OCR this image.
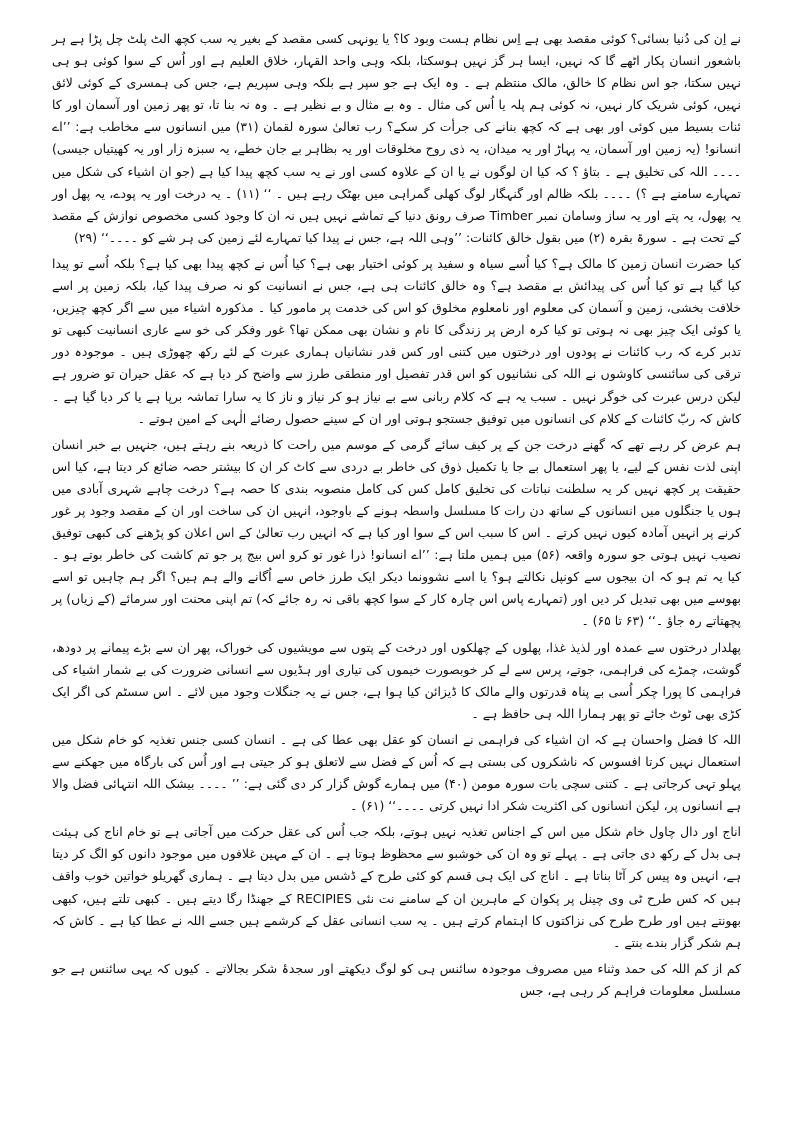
نے اِن کی دُنیا بسائی؟ کوئی مقصد بھی ہے اِس نظام ہست وبود کا؟ یا یونہی کسی مقصد کے بغیر یہ سب کچھ الٹ پلٹ چل پڑا ہے ہر باشعور انسان پکار اٹھے گا کہ نہیں، ایسا ہر گز نہیں ہوسکتا، بلکہ وہی واحد القہار، خلاق العلیم ہے اور اُس کے سوا کوئی ہو ہی نہیں سکتا، جو اس نظام کا خالق، مالک منتظم ہے ۔ وہ ایک ہے جو سپر ہے بلکہ وہی سپریم ہے، جس کی ہمسری کے کوئی لائق نہیں، کوئی شریک کار نہیں، نہ کوئی ہم پلہ یا اُس کی مثال ۔ وہ بے مثال و بے نظیر ہے ۔ وہ نہ بنا تا، تو پھر زمین اور آسمان اور کا ئنات بسیط میں کوئی اور بھی ہے کہ کچھ بنانے کی جرأت کر سکے؟ رب تعالیٰ سورہ لقمان (۳۱) میں انسانوں سے مخاطب ہے: ’’اے انسانو! (یہ زمین اور آسمان، یہ پہاڑ اور یہ میدان، یہ ذی روح مخلوقات اور یہ بظاہر بے جان خطے، یہ سبزہ زار اور یہ کھیتیاں جیسی) ۔۔۔۔ اللہ کی تخلیق ہے ۔ بتاؤ ؟ کہ کیا ان لوگوں نے یا ان کے علاوہ کسی اور نے یہ سب کچھ پیدا کیا ہے (جو ان اشیاء کی شکل میں تمہارے سامنے ہے ؟) ۔۔۔۔ بلکہ ظالم اور گنہگار لوگ کھلی گمراہی میں بھٹک رہے ہیں ۔ ‘‘ (۱۱) ۔ یہ درخت اور یہ پودے، یہ پھل اور یہ پھول، یہ پتے اور یہ ساز وسامان نمبر Timber صرف رونق دنیا کے تماشے نہیں ہیں نہ ان کا وجود کسی مخصوص نوازش کے مقصد کے تحت ہے ۔ سورۃ بقرہ (۲) میں بقول خالق کائنات: ’’وہی اللہ ہے، جس نے پیدا کیا تمہارے لئے زمین کی ہر شے کو ۔۔۔۔‘‘ (۲۹)

کیا حضرت انسان زمین کا مالک ہے؟ کیا اُسے سیاہ و سفید پر کوئی اختیار بھی ہے؟ کیا اُس نے کچھ پیدا بھی کیا ہے؟ بلکہ اُسے تو پیدا کیا گیا ہے تو کیا اُس کی پیدائش بے مقصد ہے؟ وہ خالق کائنات ہی ہے، جس نے انسانیت کو نہ صرف پیدا کیا، بلکہ زمین پر اسے خلافت بخشی، زمین و آسمان کی معلوم اور نامعلوم مخلوق کو اس کی خدمت پر مامور کیا ۔ مذکورہ اشیاء میں سے اگر کچھ چیزیں، یا کوئی ایک چیز بھی نہ ہوتی تو کیا کرہ ارض پر زندگی کا نام و نشان بھی ممکن تھا؟ غور وفکر کی خو سے عاری انسانیت کبھی تو تدبر کرے کہ رب کائنات نے پودوں اور درختوں میں کتنی اور کس قدر نشانیاں ہماری عبرت کے لئے رکھ چھوڑی ہیں ۔ موجودہ دور ترقی کی سائنسی کاوشوں نے اللہ کی نشانیوں کو اس قدر تفصیل اور منطقی طرز سے واضح کر دیا ہے کہ عقل حیران تو ضرور ہے لیکن درس عبرت کی خوگر نہیں ۔ سبب یہ ہے کہ کلام ربانی سے بے نیاز ہو کر نیاز و ناز کا یہ سارا تماشہ برپا ہے یا کر دیا گیا ہے ۔ کاش کہ ربّ کائنات کے کلام کی انسانوں میں توفیق جستجو ہوتی اور ان کے سینے حصول رضائے الٰہی کے امین ہوتے ۔

ہم عرض کر رہے تھے کہ گھنے درخت جن کے پر کیف سائے گرمی کے موسم میں راحت کا ذریعہ بنے رہتے ہیں، جنہیں بے خبر انسان اپنی لذت نفس کے لیے، یا پھر استعمال بے جا یا تکمیل ذوق کی خاطر بے دردی سے کاٹ کر ان کا بیشتر حصہ ضائع کر دیتا ہے، کیا اس حقیقت پر کچھ نہیں کر یہ سلطنت نباتات کی تخلیق کامل کس کی کامل منصوبہ بندی کا حصہ ہے؟ درخت چاہے شہری آبادی میں ہوں یا جنگلوں میں انسانوں کے ساتھ دن رات کا مسلسل واسطہ ہونے کے باوجود، انہیں ان کی ساخت اور ان کے مقصد وجود پر غور کرنے پر انہیں آمادہ کیوں نہیں کرتے ۔ اس کا سبب اس کے سوا اور کیا ہے کہ انہیں رب تعالیٰ کے اس اعلان کو پڑھنے کی کبھی توفیق نصیب نہیں ہوتی جو سورہ واقعہ (۵۶) میں ہمیں ملتا ہے: ’’اے انسانو! ذرا غور تو کرو اس بیج پر جو تم کاشت کی خاطر بوتے ہو ۔ کیا یہ تم ہو کہ ان بیجوں سے کونپل نکالتے ہو؟ یا اسے نشوونما دیکر ایک طرز خاص سے اُگانے والے ہم ہیں؟ اگر ہم چاہیں تو اسے بھوسے میں بھی تبدیل کر دیں اور (تمہارے پاس اس چارہ کار کے سوا کچھ باقی نہ رہ جائے کہ) تم اپنی محنت اور سرمائے (کے زیاں) پر پچھتاتے رہ جاؤ ۔‘‘ (۶۳ تا ۶۵) ۔

پھلدار درختوں سے عمدہ اور لذیذ غذا، پھلوں کے چھلکوں اور درخت کے پتوں سے مویشیوں کی خوراک، پھر ان سے بڑے پیمانے پر دودھ، گوشت، چمڑے کی فراہمی، جوتے، پرس سے لے کر خوبصورت خیموں کی تیاری اور ہڈیوں سے انسانی ضرورت کی بے شمار اشیاء کی فراہمی کا پورا چکر اُسی بے پناہ قدرتوں والے مالک کا ڈیزائن کیا ہوا ہے، جس نے یہ جنگلات وجود میں لائے ۔ اس سسٹم کی اگر ایک کڑی بھی ٹوٹ جائے تو پھر ہمارا اللہ ہی حافظ ہے ۔

اللہ کا فضل واحسان ہے کہ ان اشیاء کی فراہمی نے انسان کو عقل بھی عطا کی ہے ۔ انسان کسی جنس تغذیہ کو خام شکل میں استعمال نہیں کرتا افسوس کہ ناشکروں کی بستی ہے کہ اُس کے فضل سے لاتعلق ہو کر جیتی ہے اور اُس کی بارگاہ میں جھکنے سے پہلو تہی کرجاتی ہے ۔ کتنی سچی بات سورہ مومن (۴۰) میں ہمارے گوش گزار کر دی گئی ہے: ’’ ۔۔۔۔ بیشک اللہ انتہائی فضل والا ہے انسانوں پر، لیکن انسانوں کی اکثریت شکر ادا نہیں کرتی ۔۔۔۔‘‘ (۶۱) ۔

اناج اور دال چاول خام شکل میں اس کے اجناس تغذیہ نہیں ہوتے، بلکہ جب اُس کی عقل حرکت میں آجاتی ہے تو خام اناج کی ہیئت ہی بدل کے رکھ دی جاتی ہے ۔ پہلے تو وہ ان کی خوشبو سے محظوظ ہوتا ہے ۔ ان کے مہین غلافوں میں موجود دانوں کو الگ کر دیتا ہے، انہیں وہ پیس کر آٹا بناتا ہے ۔ اناج کی ایک ہی قسم کو کئی طرح کے ڈشس میں بدل دیتا ہے ۔ ہماری گھریلو خواتین خوب واقف ہیں کہ کس طرح ٹی وی چینل پر پکوان کے ماہرین ان کے سامنے نت نئی RECIPIES کے جھنڈا رگا دیتے ہیں ۔ کبھی تلتے ہیں، کبھی بھونتے ہیں اور طرح طرح کی نزاکتوں کا اہتمام کرتے ہیں ۔ یہ سب انسانی عقل کے کرشمے ہیں جسے اللہ نے عطا کیا ہے ۔ کاش کہ ہم شکر گزار بندے بنتے ۔

کم از کم اللہ کی حمد وثناء میں مصروف موجودہ سائنس ہی کو لوگ دیکھتے اور سجدۂ شکر بجالاتے ۔ کیوں کہ یہی سائنس ہے جو مسلسل معلومات فراہم کر رہی ہے، جس
